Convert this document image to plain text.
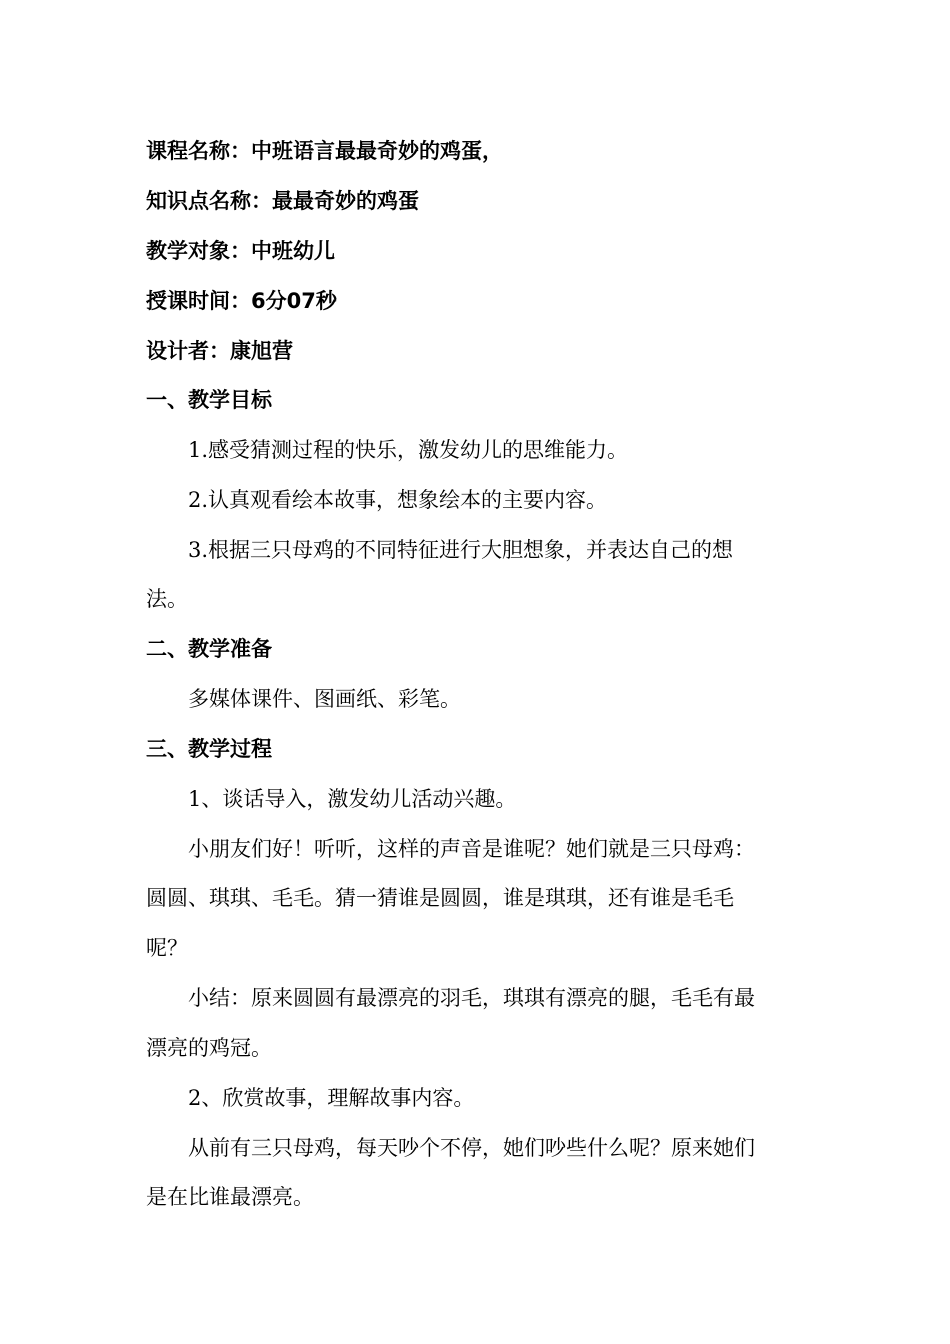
课程名称：中班语言最最奇妙的鸡蛋，
知识点名称：最最奇妙的鸡蛋
教学对象：中班幼儿
授课时间：6分07秒
设计者：康旭营
一、教学目标
1.感受猜测过程的快乐，激发幼儿的思维能力。
2.认真观看绘本故事，想象绘本的主要内容。
3.根据三只母鸡的不同特征进行大胆想象，并表达自己的想
法。
二、教学准备
多媒体课件、图画纸、彩笔。
三、教学过程
1、谈话导入，激发幼儿活动兴趣。
小朋友们好！听听，这样的声音是谁呢？她们就是三只母鸡：
圆圆、琪琪、毛毛。猜一猜谁是圆圆，谁是琪琪，还有谁是毛毛
呢？
小结：原来圆圆有最漂亮的羽毛，琪琪有漂亮的腿，毛毛有最
漂亮的鸡冠。
2、欣赏故事，理解故事内容。
从前有三只母鸡，每天吵个不停，她们吵些什么呢？原来她们
是在比谁最漂亮。
